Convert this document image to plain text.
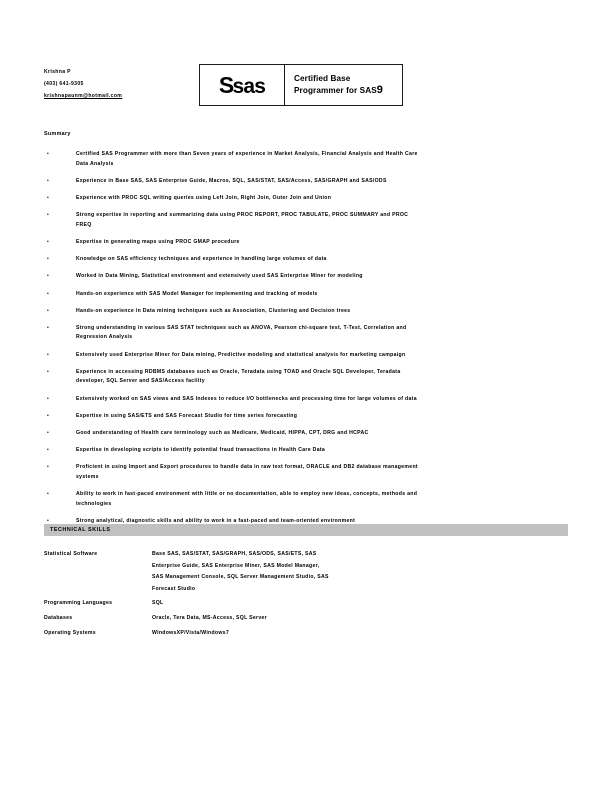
Krishna P
(403) 641-9305
krishnapaunm@hotmail.com	S sas	Certified Base
Programmer for SAS9
Summary
•	Certified SAS Programmer with more than Seven years of experience in Market Analysis, Financial Analysis and Health Care Data Analysis
•	Experience in Base SAS, SAS Enterprise Guide, Macros, SQL, SAS/STAT, SAS/Access, SAS/GRAPH and SAS/ODS
•	Experience with PROC SQL writing queries using Left Join, Right Join, Outer Join and Union
•	Strong expertise in reporting and summarizing data using PROC REPORT, PROC TABULATE, PROC SUMMARY and PROC FREQ
•	Expertise in generating maps using PROC GMAP procedure
•	Knowledge on SAS efficiency techniques and experience in handling large volumes of data
•	Worked in Data Mining, Statistical environment and extensively used SAS Enterprise Miner for modeling
•	Hands-on experience with SAS Model Manager for implementing and tracking of models
•	Hands-on experience in Data mining techniques such as Association, Clustering and Decision trees
•	Strong understanding in various SAS STAT techniques such as ANOVA, Pearson chi-square test, T-Test, Correlation and Regression Analysis
•	Extensively used Enterprise Miner for Data mining, Predictive modeling and statistical analysis for marketing campaign
•	Experience in accessing RDBMS databases such as Oracle, Teradata using TOAD and Oracle SQL Developer, Teradata developer, SQL Server and SAS/Access facility
•	Extensively worked on SAS views and SAS Indexes to reduce I/O bottlenecks and processing time for large volumes of data
•	Expertise in using SAS/ETS and SAS Forecast Studio for time series forecasting
•	Good understanding of Health care terminology such as Medicare, Medicaid, HIPPA, CPT, DRG and HCPAC
•	Expertise in developing scripts to identify potential fraud transactions in Health Care Data
•	Proficient in using Import and Export procedures to handle data in raw text format, ORACLE and DB2 database management systems
•	Ability to work in fast-paced environment with little or no documentation, able to employ new ideas, concepts, methods and technologies
•	Strong analytical, diagnostic skills and ability to work in a fast-paced and team-oriented environment
TECHNICAL SKILLS
Statistical Software	Base SAS, SAS/STAT, SAS/GRAPH, SAS/ODS, SAS/ETS, SAS
Enterprise Guide, SAS Enterprise Miner, SAS Model Manager,
SAS Management Console, SQL Server Management Studio, SAS
Forecast Studio
Programming Languages	SQL
Databases	Oracle, Tera Data, MS-Access, SQL Server
Operating Systems	WindowsXP/Vista/Windows7
